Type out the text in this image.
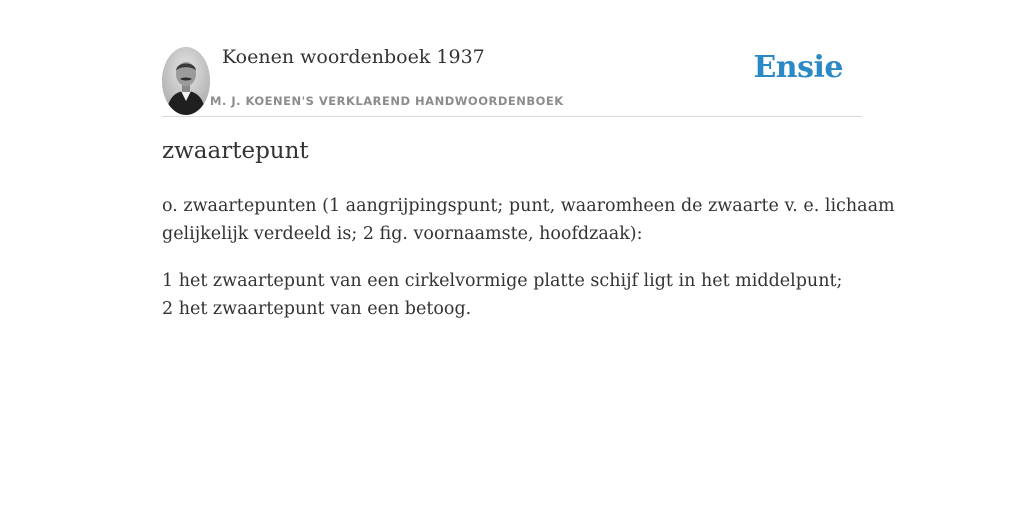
Koenen woordenboek 1937
M. J. KOENEN'S VERKLAREND HANDWOORDENBOEK
Ensie
zwaartepunt

o. zwaartepunten (1 aangrijpingspunt; punt, waaromheen de zwaarte v. e. lichaam
gelijkelijk verdeeld is; 2 fig. voornaamste, hoofdzaak):

1 het zwaartepunt van een cirkelvormige platte schijf ligt in het middelpunt;
2 het zwaartepunt van een betoog.
